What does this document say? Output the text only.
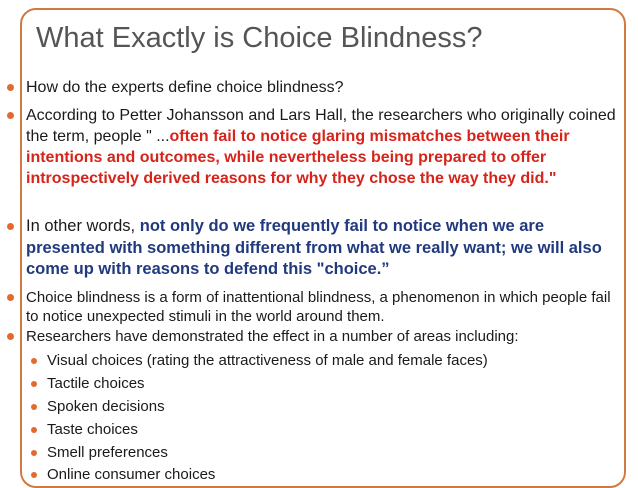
What Exactly is Choice Blindness?
How do the experts define choice blindness?
According to Petter Johansson and Lars Hall, the researchers who originally coined the term, people " ...often fail to notice glaring mismatches between their intentions and outcomes, while nevertheless being prepared to offer introspectively derived reasons for why they chose the way they did."
In other words, not only do we frequently fail to notice when we are presented with something different from what we really want; we will also come up with reasons to defend this "choice.”
Choice blindness is a form of inattentional blindness, a phenomenon in which people fail to notice unexpected stimuli in the world around them.
Researchers have demonstrated the effect in a number of areas including:
Visual choices (rating the attractiveness of male and female faces)
Tactile choices
Spoken decisions
Taste choices
Smell preferences
Online consumer choices
